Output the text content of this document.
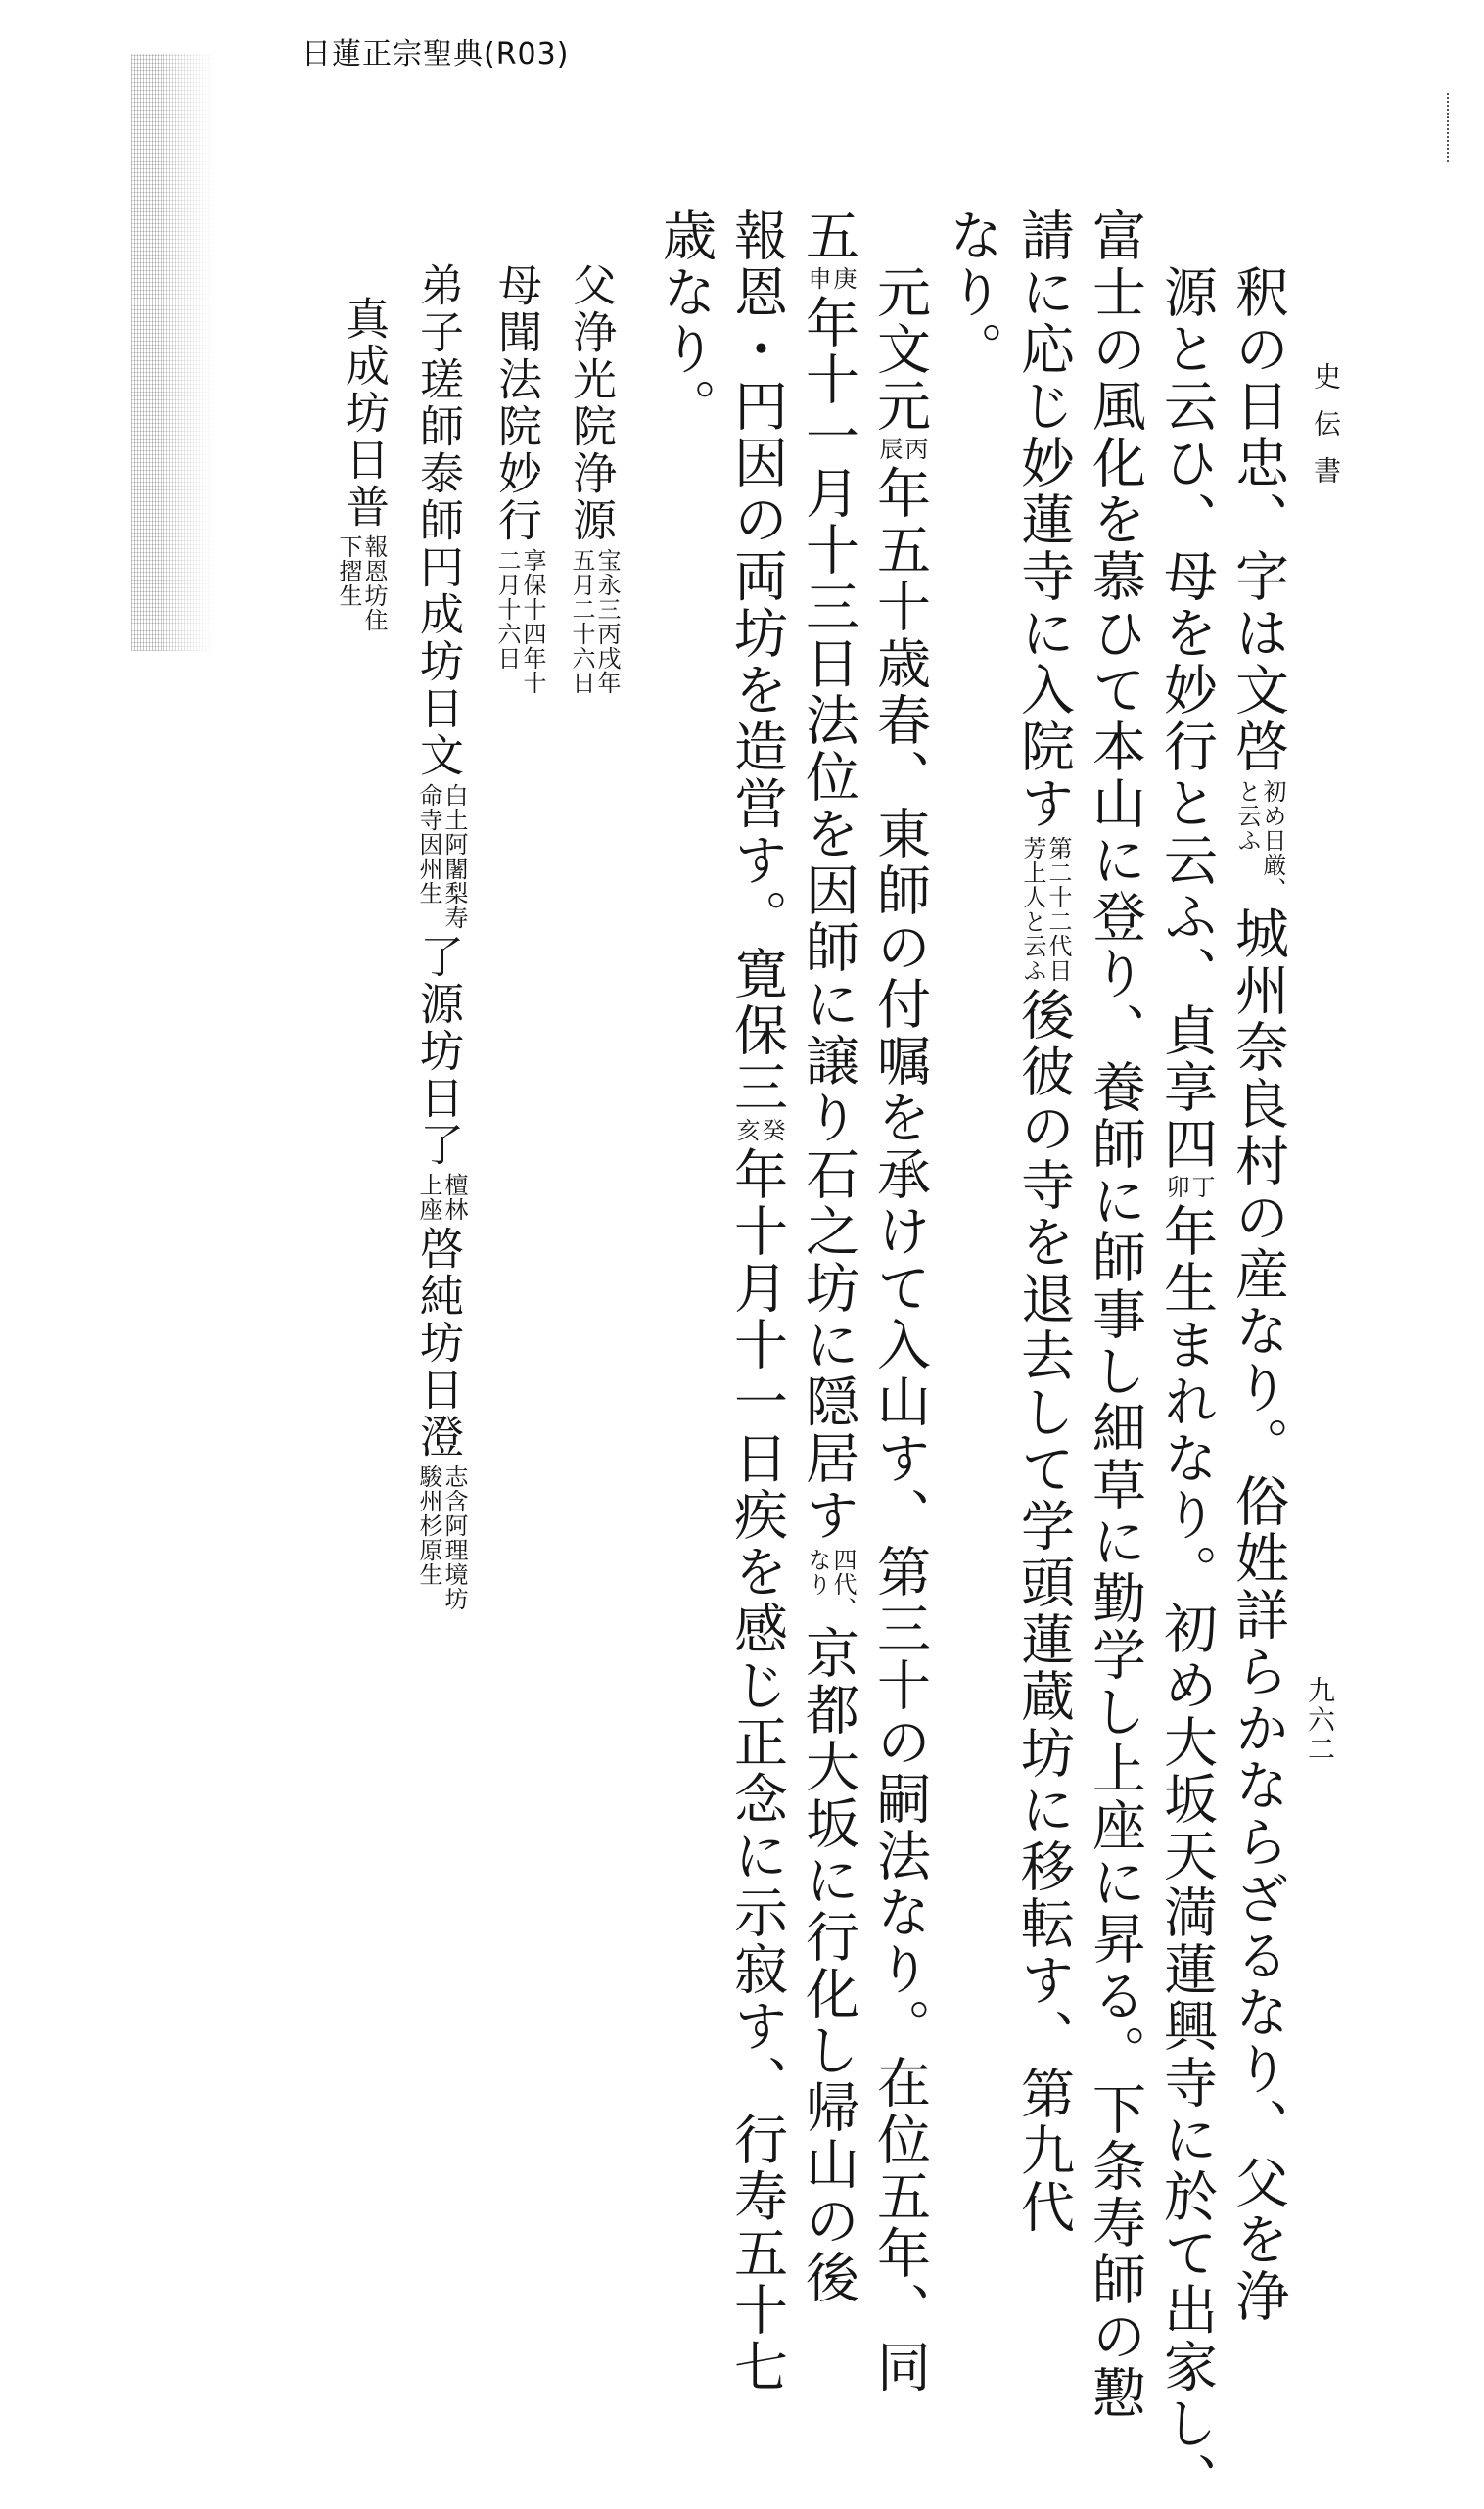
日蓮正宗聖典(R03)
史伝書
九六二
釈の日忠、字は文啓
初め日厳、
と云ふ
城州奈良村の産なり。俗姓詳らかならざるなり、父を浄
源と云ひ、母を妙行と云ふ、貞享四
丁
卯
年生まれなり。初め大坂天満蓮興寺に於て出家し、
富士の風化を慕ひて本山に登り、養師に師事し細草に勤学し上座に昇る。下条寿師の懃
請に応じ妙蓮寺に入院す
第二十二代日
芳上人と云ふ
後彼の寺を退去して学頭蓮蔵坊に移転す、第九代
なり。
元文元
丙
辰
年五十歳春、東師の付嘱を承けて入山す、第三十の嗣法なり。在位五年、同
五
庚
申
年十一月十三日法位を因師に譲り石之坊に隠居す
四代、
なり
京都大坂に行化し帰山の後
報恩・円因の両坊を造営す。寛保三
癸
亥
年十月十一日疾を感じ正念に示寂す、行寿五十七
歳なり。
父浄光院浄源
宝永三丙戌年
五月二十六日
母聞法院妙行
享保十四年十
二月十六日
弟子瑳師泰師円成坊日文
白土阿闍梨寿
命寺因州生
了源坊日了
檀林
上座
啓純坊日澄
志含阿理境坊
駿州杉原生
真成坊日普
報恩坊住
下摺生
